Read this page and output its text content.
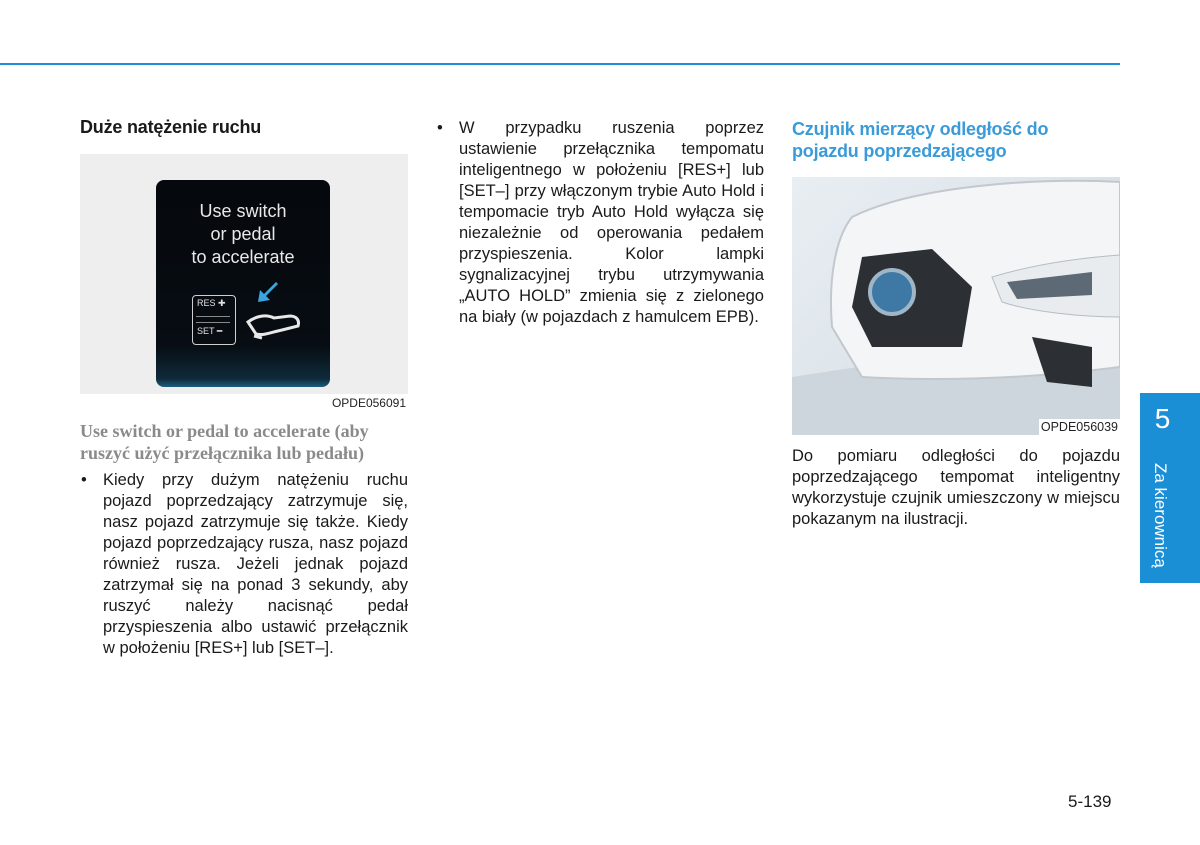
Duże natężenie ruchu
Use switch
or pedal
to accelerate
RES ✚
SET ━
OPDE056091
Use switch or pedal to accelerate (aby ruszyć użyć przełącznika lub pedału)
• Kiedy przy dużym natężeniu ruchu pojazd poprzedzający zatrzymuje się, nasz pojazd zatrzymuje się także. Kiedy pojazd poprzedzający rusza, nasz pojazd również rusza. Jeżeli jednak pojazd zatrzymał się na ponad 3 sekundy, aby ruszyć należy nacisnąć pedał przyspieszenia albo ustawić przełącznik w położeniu [RES+] lub [SET–].
• W przypadku ruszenia poprzez ustawienie przełącznika tempomatu inteligentnego w położeniu [RES+] lub [SET–] przy włączonym trybie Auto Hold i tempomacie tryb Auto Hold wyłącza się niezależnie od operowania pedałem przyspieszenia. Kolor lampki sygnalizacyjnej trybu utrzymywania „AUTO HOLD” zmienia się z zielonego na biały (w pojazdach z hamulcem EPB).
Czujnik mierzący odległość do pojazdu poprzedzającego
OPDE056039
Do pomiaru odległości do pojazdu poprzedzającego tempomat inteligentny wykorzystuje czujnik umieszczony w miejscu pokazanym na ilustracji.
5
Za kierownicą
5-139
